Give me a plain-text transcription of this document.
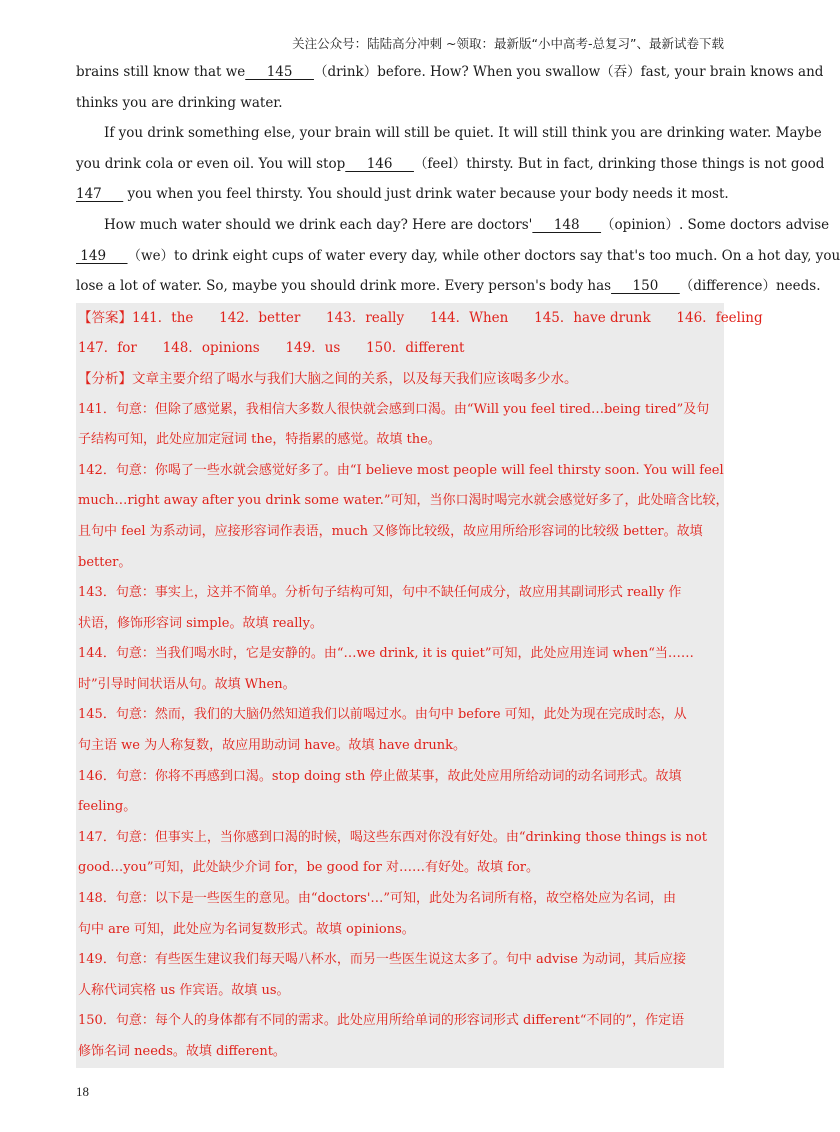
关注公众号：陆陆高分冲刺 ~领取：最新版“小中高考-总复习”、最新试卷下载
brains still know that we     145     （drink）before. How? When you swallow（吞）fast, your brain knows and
thinks you are drinking water.
If you drink something else, your brain will still be quiet. It will still think you are drinking water. Maybe
you drink cola or even oil. You will stop     146     （feel）thirsty. But in fact, drinking those things is not good
147      you when you feel thirsty. You should just drink water because your body needs it most.
How much water should we drink each day? Here are doctors'     148     （opinion）. Some doctors advise
149     （we）to drink eight cups of water every day, while other doctors say that's too much. On a hot day, you
lose a lot of water. So, maybe you should drink more. Every person's body has     150     （difference）needs.
【答案】141．the      142．better      143．really      144．When      145．have drunk      146．feeling
147．for      148．opinions      149．us      150．different
【分析】文章主要介绍了喝水与我们大脑之间的关系，以及每天我们应该喝多少水。
141．句意：但除了感觉累，我相信大多数人很快就会感到口渴。由“Will you feel tired…being tired”及句
子结构可知，此处应加定冠词 the，特指累的感觉。故填 the。
142．句意：你喝了一些水就会感觉好多了。由“I believe most people will feel thirsty soon. You will feel
much…right away after you drink some water.”可知，当你口渴时喝完水就会感觉好多了，此处暗含比较，
且句中 feel 为系动词，应接形容词作表语，much 又修饰比较级，故应用所给形容词的比较级 better。故填
better。
143．句意：事实上，这并不简单。分析句子结构可知，句中不缺任何成分，故应用其副词形式 really 作
状语，修饰形容词 simple。故填 really。
144．句意：当我们喝水时，它是安静的。由“…we drink, it is quiet”可知，此处应用连词 when“当……
时”引导时间状语从句。故填 When。
145．句意：然而，我们的大脑仍然知道我们以前喝过水。由句中 before 可知，此处为现在完成时态，从
句主语 we 为人称复数，故应用助动词 have。故填 have drunk。
146．句意：你将不再感到口渴。stop doing sth 停止做某事，故此处应用所给动词的动名词形式。故填
feeling。
147．句意：但事实上，当你感到口渴的时候，喝这些东西对你没有好处。由“drinking those things is not
good…you”可知，此处缺少介词 for，be good for 对……有好处。故填 for。
148．句意：以下是一些医生的意见。由“doctors'…”可知，此处为名词所有格，故空格处应为名词，由
句中 are 可知，此处应为名词复数形式。故填 opinions。
149．句意：有些医生建议我们每天喝八杯水，而另一些医生说这太多了。句中 advise 为动词，其后应接
人称代词宾格 us 作宾语。故填 us。
150．句意：每个人的身体都有不同的需求。此处应用所给单词的形容词形式 different“不同的”，作定语
修饰名词 needs。故填 different。
18
